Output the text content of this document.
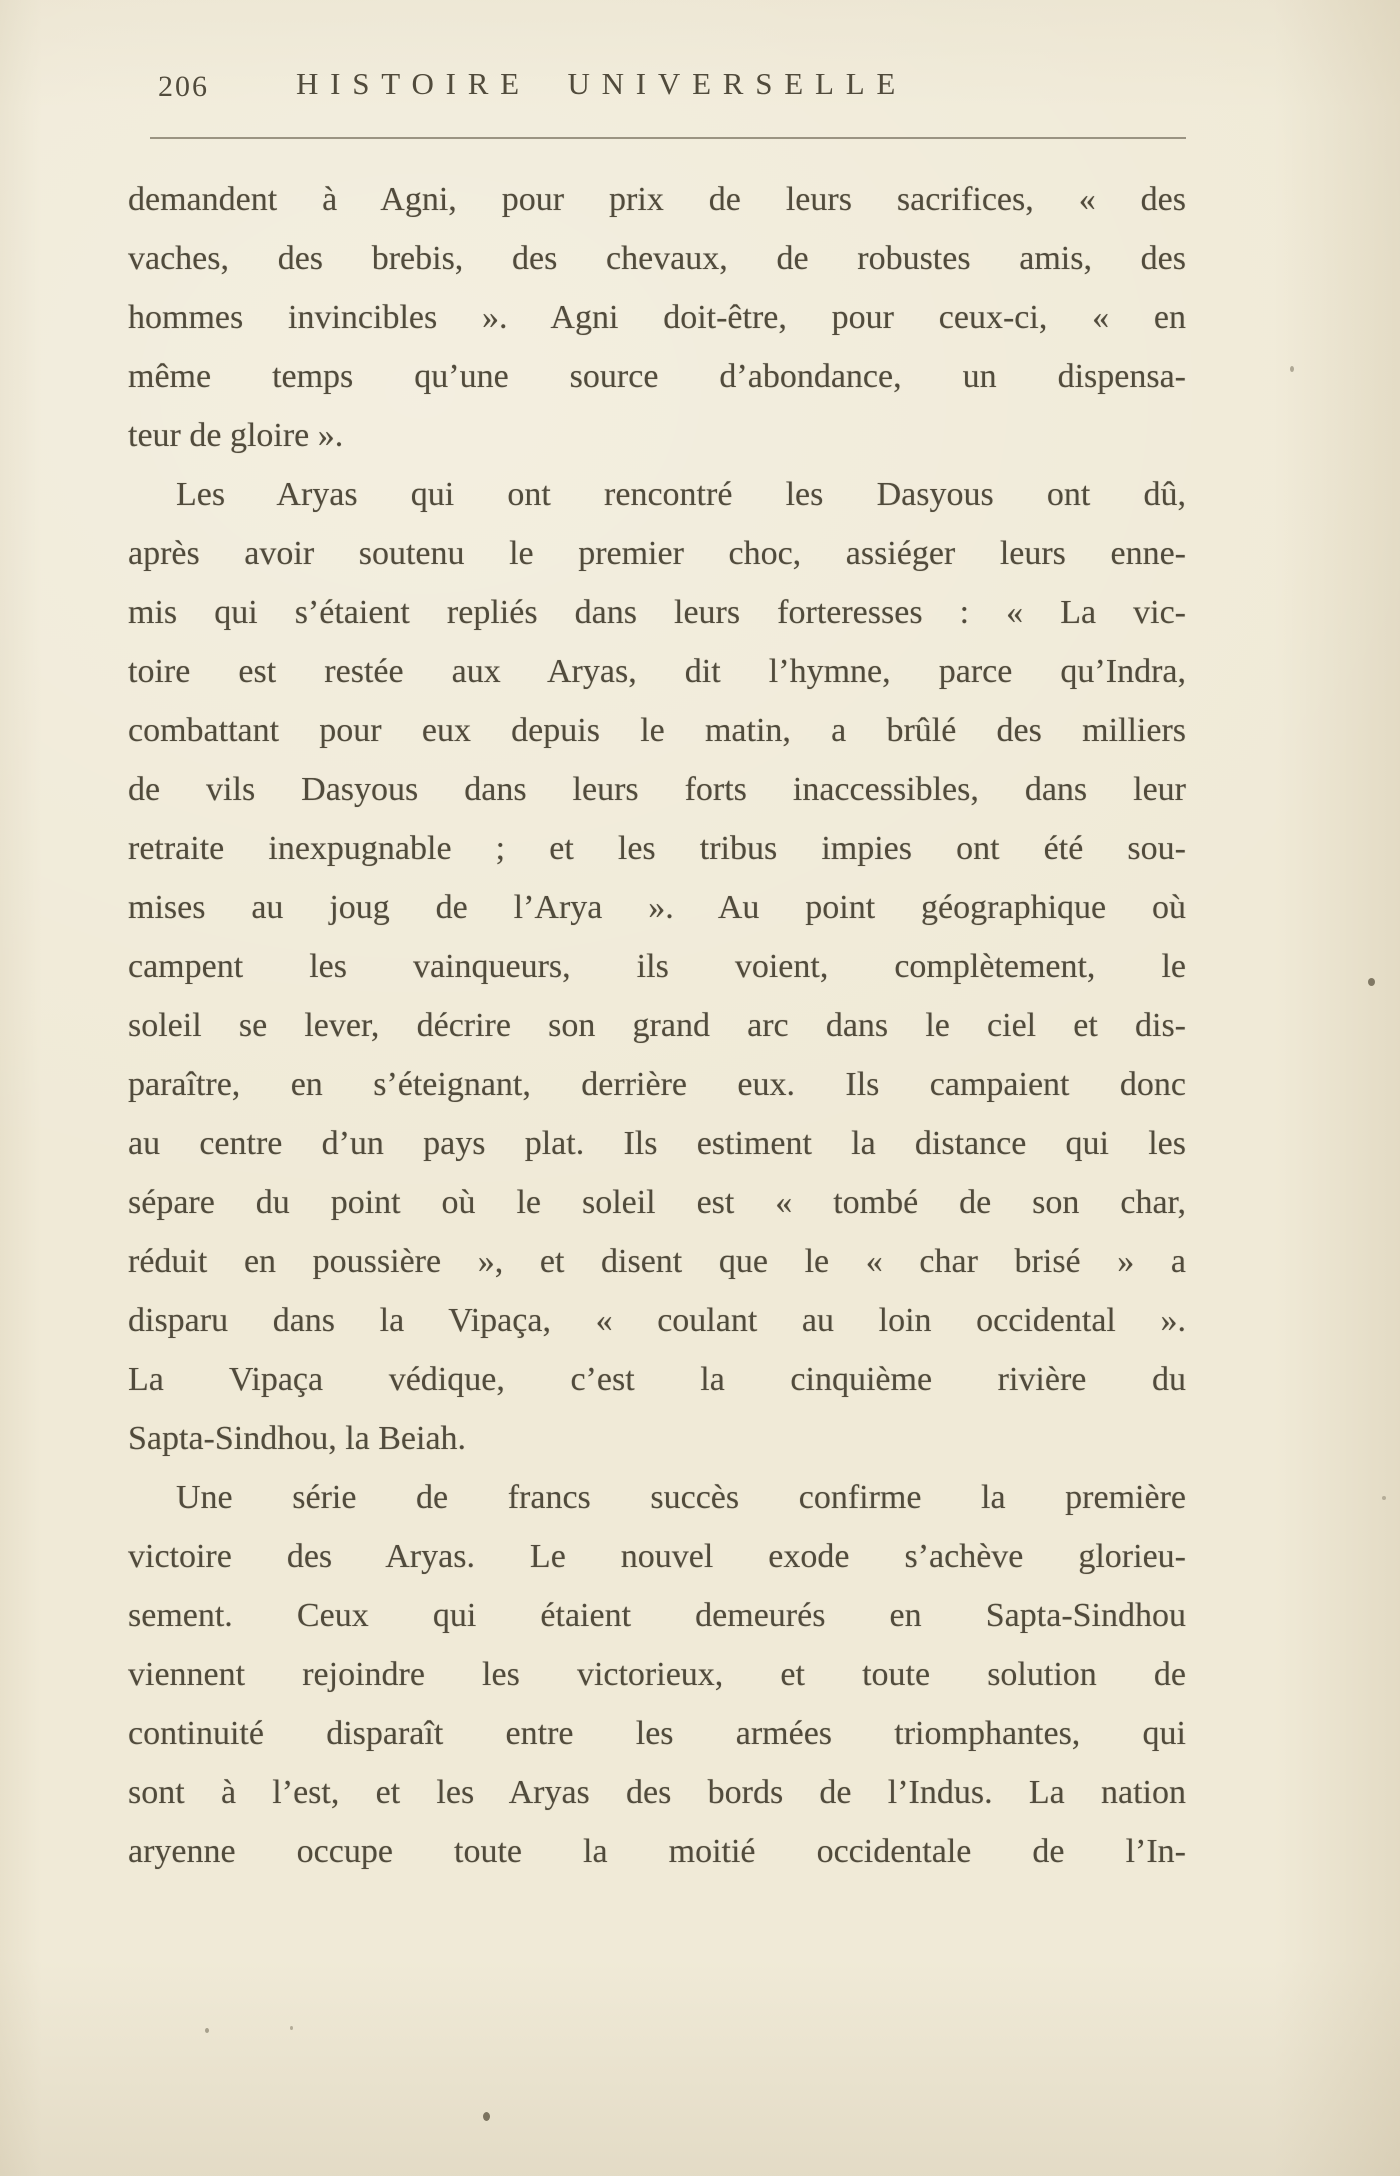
206	HISTOIRE UNIVERSELLE
demandent à Agni, pour prix de leurs sacrifices, « des
vaches, des brebis, des chevaux, de robustes amis, des
hommes invincibles ». Agni doit-être, pour ceux-ci, « en
même temps qu’une source d’abondance, un dispensa-
teur de gloire ».
Les Aryas qui ont rencontré les Dasyous ont dû,
après avoir soutenu le premier choc, assiéger leurs enne-
mis qui s’étaient repliés dans leurs forteresses : « La vic-
toire est restée aux Aryas, dit l’hymne, parce qu’Indra,
combattant pour eux depuis le matin, a brûlé des milliers
de vils Dasyous dans leurs forts inaccessibles, dans leur
retraite inexpugnable ; et les tribus impies ont été sou-
mises au joug de l’Arya ». Au point géographique où
campent les vainqueurs, ils voient, complètement, le
soleil se lever, décrire son grand arc dans le ciel et dis-
paraître, en s’éteignant, derrière eux. Ils campaient donc
au centre d’un pays plat. Ils estiment la distance qui les
sépare du point où le soleil est « tombé de son char,
réduit en poussière », et disent que le « char brisé » a
disparu dans la Vipaça, « coulant au loin occidental ».
La Vipaça védique, c’est la cinquième rivière du
Sapta-Sindhou, la Beiah.
Une série de francs succès confirme la première
victoire des Aryas. Le nouvel exode s’achève glorieu-
sement. Ceux qui étaient demeurés en Sapta-Sindhou
viennent rejoindre les victorieux, et toute solution de
continuité disparaît entre les armées triomphantes, qui
sont à l’est, et les Aryas des bords de l’Indus. La nation
aryenne occupe toute la moitié occidentale de l’In-
